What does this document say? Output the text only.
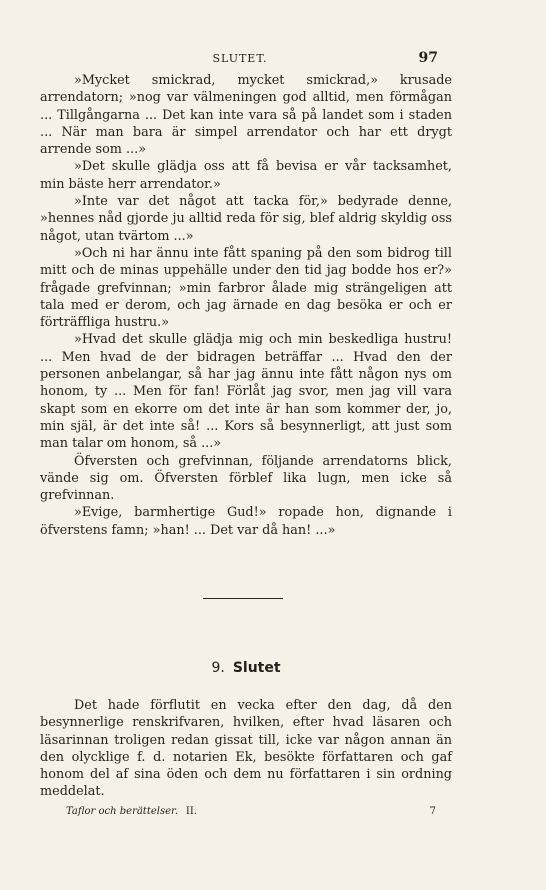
SLUTET.	97

»Mycket smickrad, mycket smickrad,» krusade arrendatorn; »nog var välmeningen god alltid, men förmågan ... Tillgångarna ... Det kan inte vara så på landet som i staden ... När man bara är simpel arrendator och har ett drygt arrende som ...»

»Det skulle glädja oss att få bevisa er vår tacksamhet, min bäste herr arrendator.»

»Inte var det något att tacka för,» bedyrade denne, »hennes nåd gjorde ju alltid reda för sig, blef aldrig skyldig oss något, utan tvärtom ...»

»Och ni har ännu inte fått spaning på den som bidrog till mitt och de minas uppehälle under den tid jag bodde hos er?» frågade grefvinnan; »min farbror ålade mig strängeligen att tala med er derom, och jag ärnade en dag besöka er och er förträffliga hustru.»

»Hvad det skulle glädja mig och min beskedliga hustru! ... Men hvad de der bidragen beträffar ... Hvad den der personen anbelangar, så har jag ännu inte fått någon nys om honom, ty ... Men för fan! Förlåt jag svor, men jag vill vara skapt som en ekorre om det inte är han som kommer der, jo, min själ, är det inte så! ... Kors så besynnerligt, att just som man talar om honom, så ...»

Öfversten och grefvinnan, följande arrendatorns blick, vände sig om. Öfversten förblef lika lugn, men icke så grefvinnan.

»Evige, barmhertige Gud!» ropade hon, dignande i öfverstens famn; »han! ... Det var då han! ...»

9. Slutet

Det hade förflutit en vecka efter den dag, då den besynnerlige renskrifvaren, hvilken, efter hvad läsaren och läsarinnan troligen redan gissat till, icke var någon annan än den olycklige f. d. notarien Ek, besökte författaren och gaf honom del af sina öden och dem nu författaren i sin ordning meddelat.

Taflor och berättelser. II.	7
